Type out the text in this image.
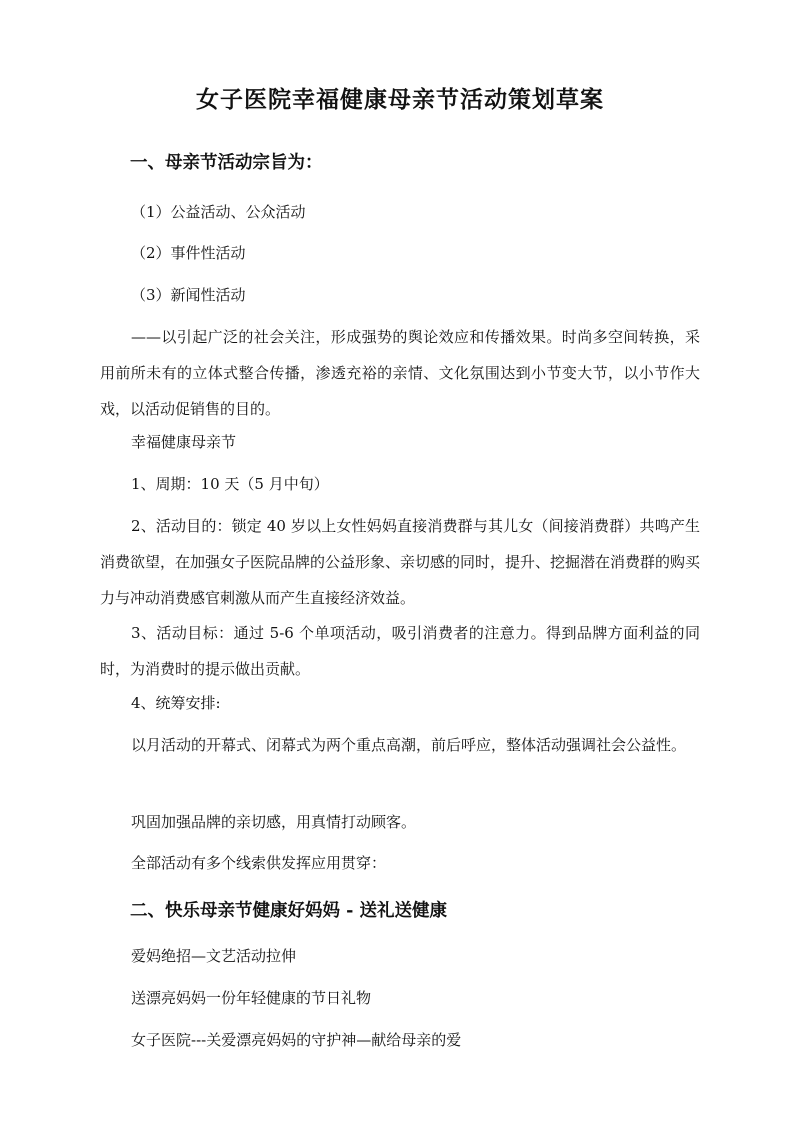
女子医院幸福健康母亲节活动策划草案
一、母亲节活动宗旨为：
（1）公益活动、公众活动
（2）事件性活动
（3）新闻性活动
——以引起广泛的社会关注，形成强势的舆论效应和传播效果。时尚多空间转换，采用前所未有的立体式整合传播，渗透充裕的亲情、文化氛围达到小节变大节，以小节作大戏，以活动促销售的目的。
幸福健康母亲节
1、周期：10 天（5 月中旬）
2、活动目的：锁定 40 岁以上女性妈妈直接消费群与其儿女（间接消费群）共鸣产生消费欲望，在加强女子医院品牌的公益形象、亲切感的同时，提升、挖掘潜在消费群的购买力与冲动消费感官刺激从而产生直接经济效益。
3、活动目标：通过 5-6 个单项活动，吸引消费者的注意力。得到品牌方面利益的同时，为消费时的提示做出贡献。
4、统筹安排:
以月活动的开幕式、闭幕式为两个重点高潮，前后呼应，整体活动强调社会公益性。
巩固加强品牌的亲切感，用真情打动顾客。
全部活动有多个线索供发挥应用贯穿：
二、快乐母亲节健康好妈妈 - 送礼送健康
爱妈绝招—文艺活动拉伸
送漂亮妈妈一份年轻健康的节日礼物
女子医院---关爱漂亮妈妈的守护神—献给母亲的爱
